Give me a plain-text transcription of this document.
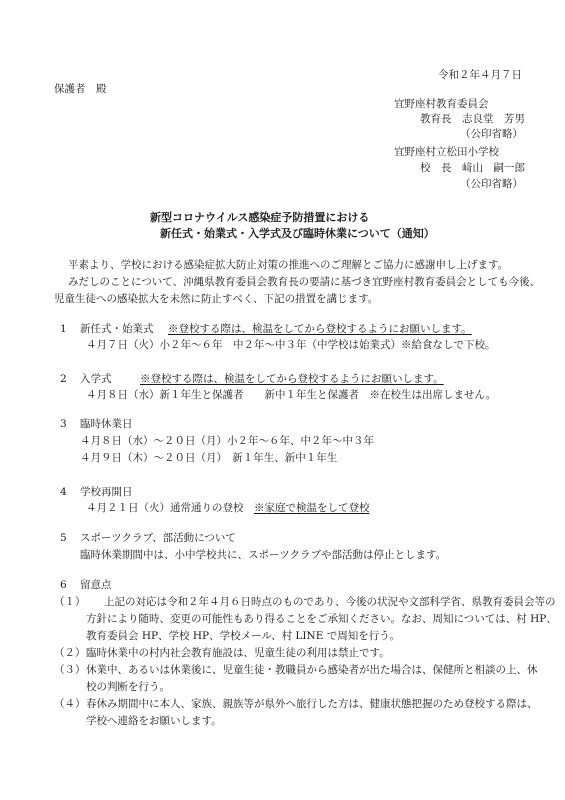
令和２年４月７日
保護者　殿
宜野座村教育委員会
教育長　志良堂　芳男
（公印省略）
宜野座村立松田小学校
校　長　﨑山　嗣一郎
（公印省略）
新型コロナウイルス感染症予防措置における
新任式・始業式・入学式及び臨時休業について（通知）
平素より、学校における感染症拡大防止対策の推進へのご理解とご協力に感謝申し上げます。
みだしのことについて、沖縄県教育委員会教育長の要請に基づき宜野座村教育委員会としても今後、
児童生徒への感染拡大を未然に防止すべく、下記の措置を講じます。
1 新任式・始業式 ※登校する際は、検温をしてから登校するようにお願いします。
４月７日（火）小２年～６年　中２年～中３年（中学校は始業式）※給食なしで下校。
2 入学式	※登校する際は、検温をしてから登校するようにお願いします。
４月８日（水）新１年生と保護者　　新中１年生と保護者　※在校生は出席しません。
3 臨時休業日
４月８日（水）～２０日（月）小２年～６年、中２年～中３年
４月９日（木）～２０日（月）　新１年生、新中１年生
4 学校再開日
４月２１日（火）通常通りの登校　※家庭で検温をして登校
5 スポーツクラブ、部活動について
臨時休業期間中は、小中学校共に、スポーツクラブや部活動は停止とします。
6 留意点
（１） 上記の対応は令和２年４月６日時点のものであり、今後の状況や文部科学省、県教育委員会等の
方針により随時、変更の可能性もあり得ることをご承知ください。なお、周知については、村 HP、
教育委員会 HP、学校 HP、学校メール、村 LINE で周知を行う。
（２） 臨時休業中の村内社会教育施設は、児童生徒の利用は禁止です。
（３） 休業中、あるいは休業後に、児童生徒・教職員から感染者が出た場合は、保健所と相談の上、休
校の判断を行う。
（４） 春休み期間中に本人、家族、親族等が県外へ旅行した方は、健康状態把握のため登校する際は、
学校へ連絡をお願いします。
